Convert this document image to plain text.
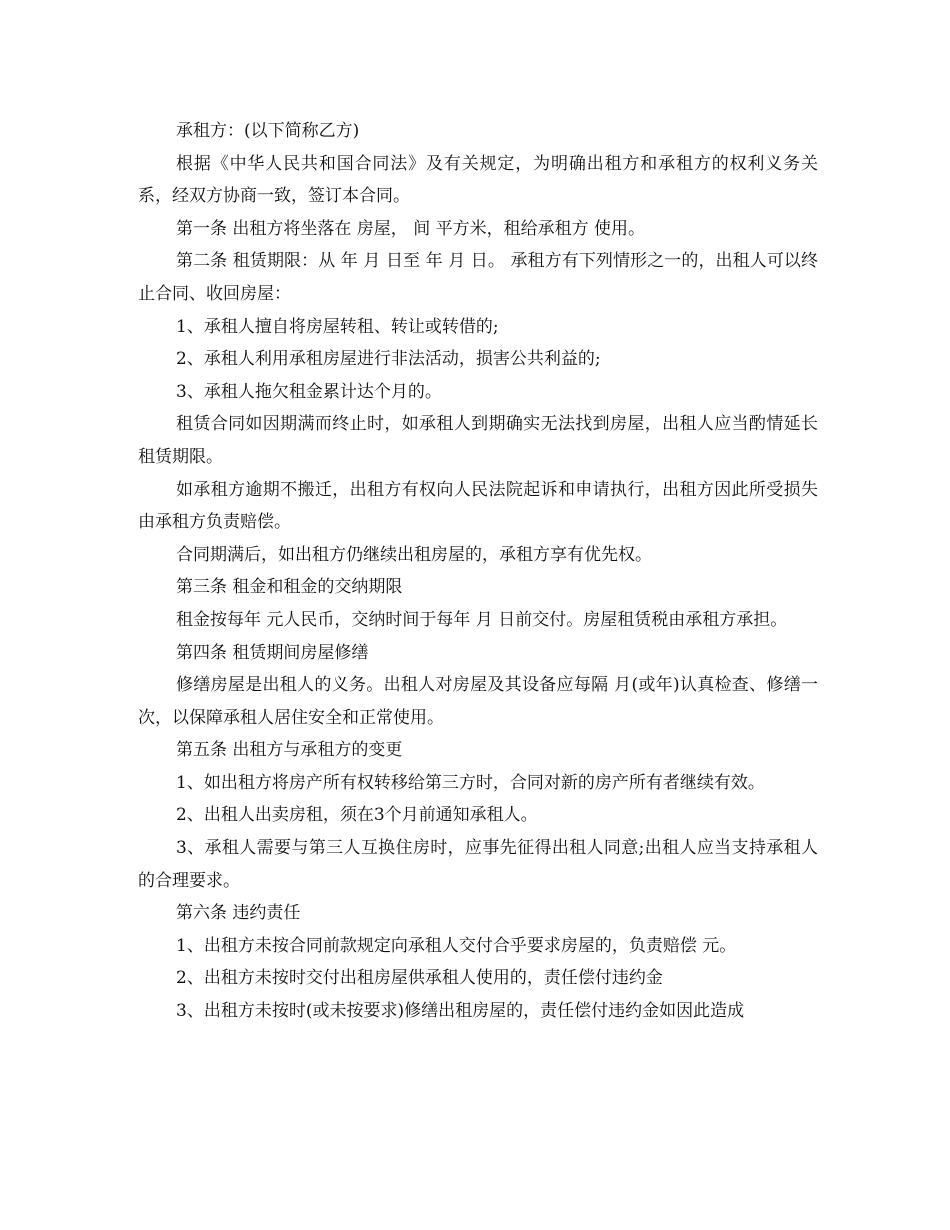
承租方：(以下简称乙方)

根据《中华人民共和国合同法》及有关规定，为明确出租方和承租方的权利义务关系，经双方协商一致，签订本合同。

第一条 出租方将坐落在 房屋， 间 平方米，租给承租方 使用。

第二条 租赁期限：从 年 月 日至 年 月 日。 承租方有下列情形之一的，出租人可以终止合同、收回房屋：

1、承租人擅自将房屋转租、转让或转借的;

2、承租人利用承租房屋进行非法活动，损害公共利益的;

3、承租人拖欠租金累计达个月的。

租赁合同如因期满而终止时，如承租人到期确实无法找到房屋，出租人应当酌情延长租赁期限。

如承租方逾期不搬迁，出租方有权向人民法院起诉和申请执行，出租方因此所受损失由承租方负责赔偿。

合同期满后，如出租方仍继续出租房屋的，承租方享有优先权。

第三条 租金和租金的交纳期限

租金按每年 元人民币，交纳时间于每年 月 日前交付。房屋租赁税由承租方承担。

第四条 租赁期间房屋修缮

修缮房屋是出租人的义务。出租人对房屋及其设备应每隔 月(或年)认真检查、修缮一次，以保障承租人居住安全和正常使用。

第五条 出租方与承租方的变更

1、如出租方将房产所有权转移给第三方时，合同对新的房产所有者继续有效。

2、出租人出卖房租，须在3个月前通知承租人。

3、承租人需要与第三人互换住房时，应事先征得出租人同意;出租人应当支持承租人的合理要求。

第六条 违约责任

1、出租方未按合同前款规定向承租人交付合乎要求房屋的，负责赔偿 元。

2、出租方未按时交付出租房屋供承租人使用的，责任偿付违约金

3、出租方未按时(或未按要求)修缮出租房屋的，责任偿付违约金如因此造成
